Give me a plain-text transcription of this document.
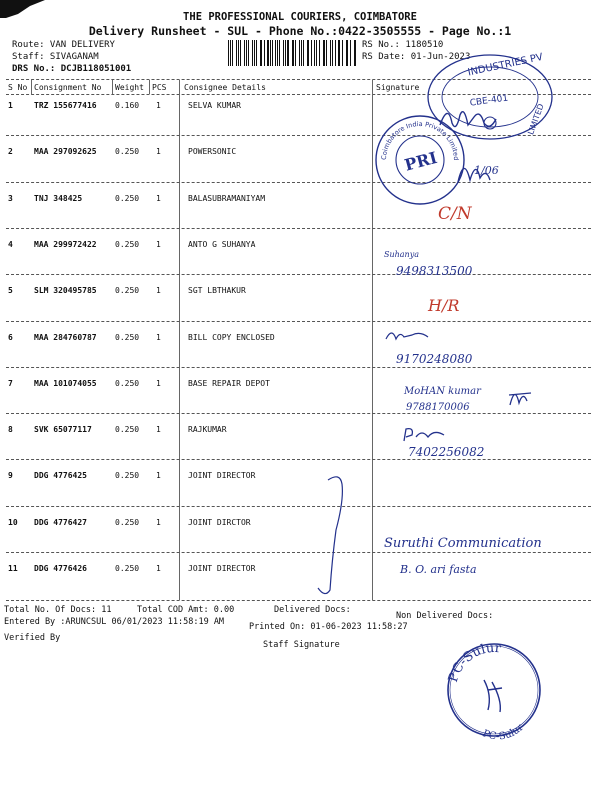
THE PROFESSIONAL COURIERS, COIMBATORE
Delivery Runsheet - SUL - Phone No.:0422-3505555 - Page No.:1
Route: VAN DELIVERY
Staff: SIVAGANAM
DRS No.: DCJB118051001
RS No.: 1180510
RS Date: 01-Jun-2023
S No Consignment No Weight PCS Consignee Details	Signature
1	TRZ 155677416 0.160 1	SELVA KUMAR
2	MAA 297092625 0.250 1	POWERSONIC
3	TNJ 348425	0.250 1	BALASUBRAMANIYAM
4	MAA 299972422 0.250 1	ANTO G SUHANYA
5	SLM 320495785 0.250 1	SGT LBTHAKUR
6	MAA 284760787 0.250 1	BILL COPY ENCLOSED
7	MAA 101074055 0.250 1	BASE REPAIR DEPOT
8	SVK 65077117	0.250 1	RAJKUMAR
9	DDG 4776425	0.250 1	JOINT DIRECTOR
10 DDG 4776427	0.250 1	JOINT DIRCTOR
11 DDG 4776426	0.250 1	JOINT DIRECTOR
INDUSTRIES PV
CBE-401
LIMITED
Coimbatore India Private Limited
PRI
PC-Sulur
PC-Sulur
1/06
C/N
Suhanya
9498313500
H/R
9170248080
MoHAN kumar
9788170006
7402256082
Suruthi Communication
B. O. ari fasta
Total No. Of Docs: 11	Total COD Amt: 0.00	Delivered Docs:
Non Delivered Docs:
Entered By :ARUNCSUL 06/01/2023 11:58:19 AM	Printed On: 01-06-2023 11:58:27
Verified By
Staff Signature
